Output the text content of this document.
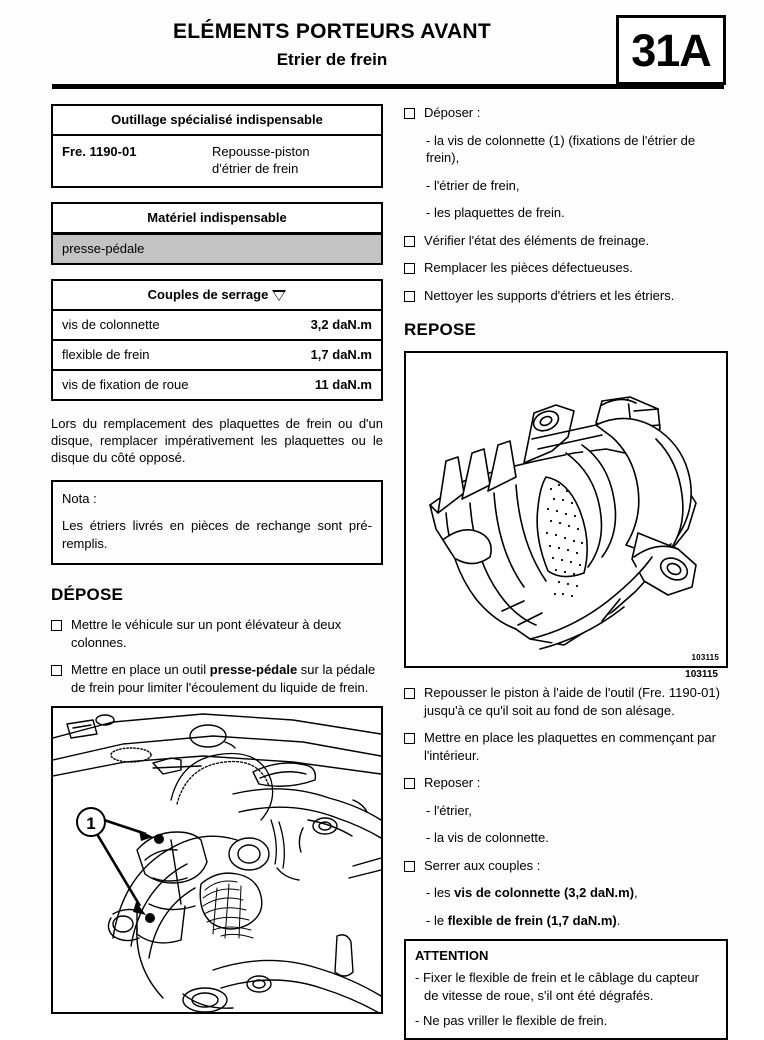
ELÉMENTS PORTEURS AVANT
Etrier de frein	31A
Outillage spécialisé indispensable
Fre. 1190-01	Repousse-piston
d'étrier de frein
Matériel indispensable
presse-pédale
Couples de serrage
vis de colonnette	3,2 daN.m
flexible de frein	1,7 daN.m
vis de fixation de roue	11 daN.m
Lors du remplacement des plaquettes de frein ou d'un disque, remplacer impérativement les plaquettes ou le disque du côté opposé.
Nota :
Les étriers livrés en pièces de rechange sont pré-remplis.
DÉPOSE
Mettre le véhicule sur un pont élévateur à deux colonnes.
Mettre en place un outil presse-pédale sur la pédale de frein pour limiter l'écoulement du liquide de frein.
1
Déposer :
- la vis de colonnette (1) (fixations de l'étrier de frein),
- l'étrier de frein,
- les plaquettes de frein.
Vérifier l'état des éléments de freinage.
Remplacer les pièces défectueuses.
Nettoyer les supports d'étriers et les étriers.
REPOSE
103115
103115
Repousser le piston à l'aide de l'outil (Fre. 1190-01) jusqu'à ce qu'il soit au fond de son alésage.
Mettre en place les plaquettes en commençant par l'intérieur.
Reposer :
- l'étrier,
- la vis de colonnette.
Serrer aux couples :
- les vis de colonnette (3,2 daN.m),
- le flexible de frein (1,7 daN.m).
ATTENTION
- Fixer le flexible de frein et le câblage du capteur de vitesse de roue, s'il ont été dégrafés.
- Ne pas vriller le flexible de frein.
